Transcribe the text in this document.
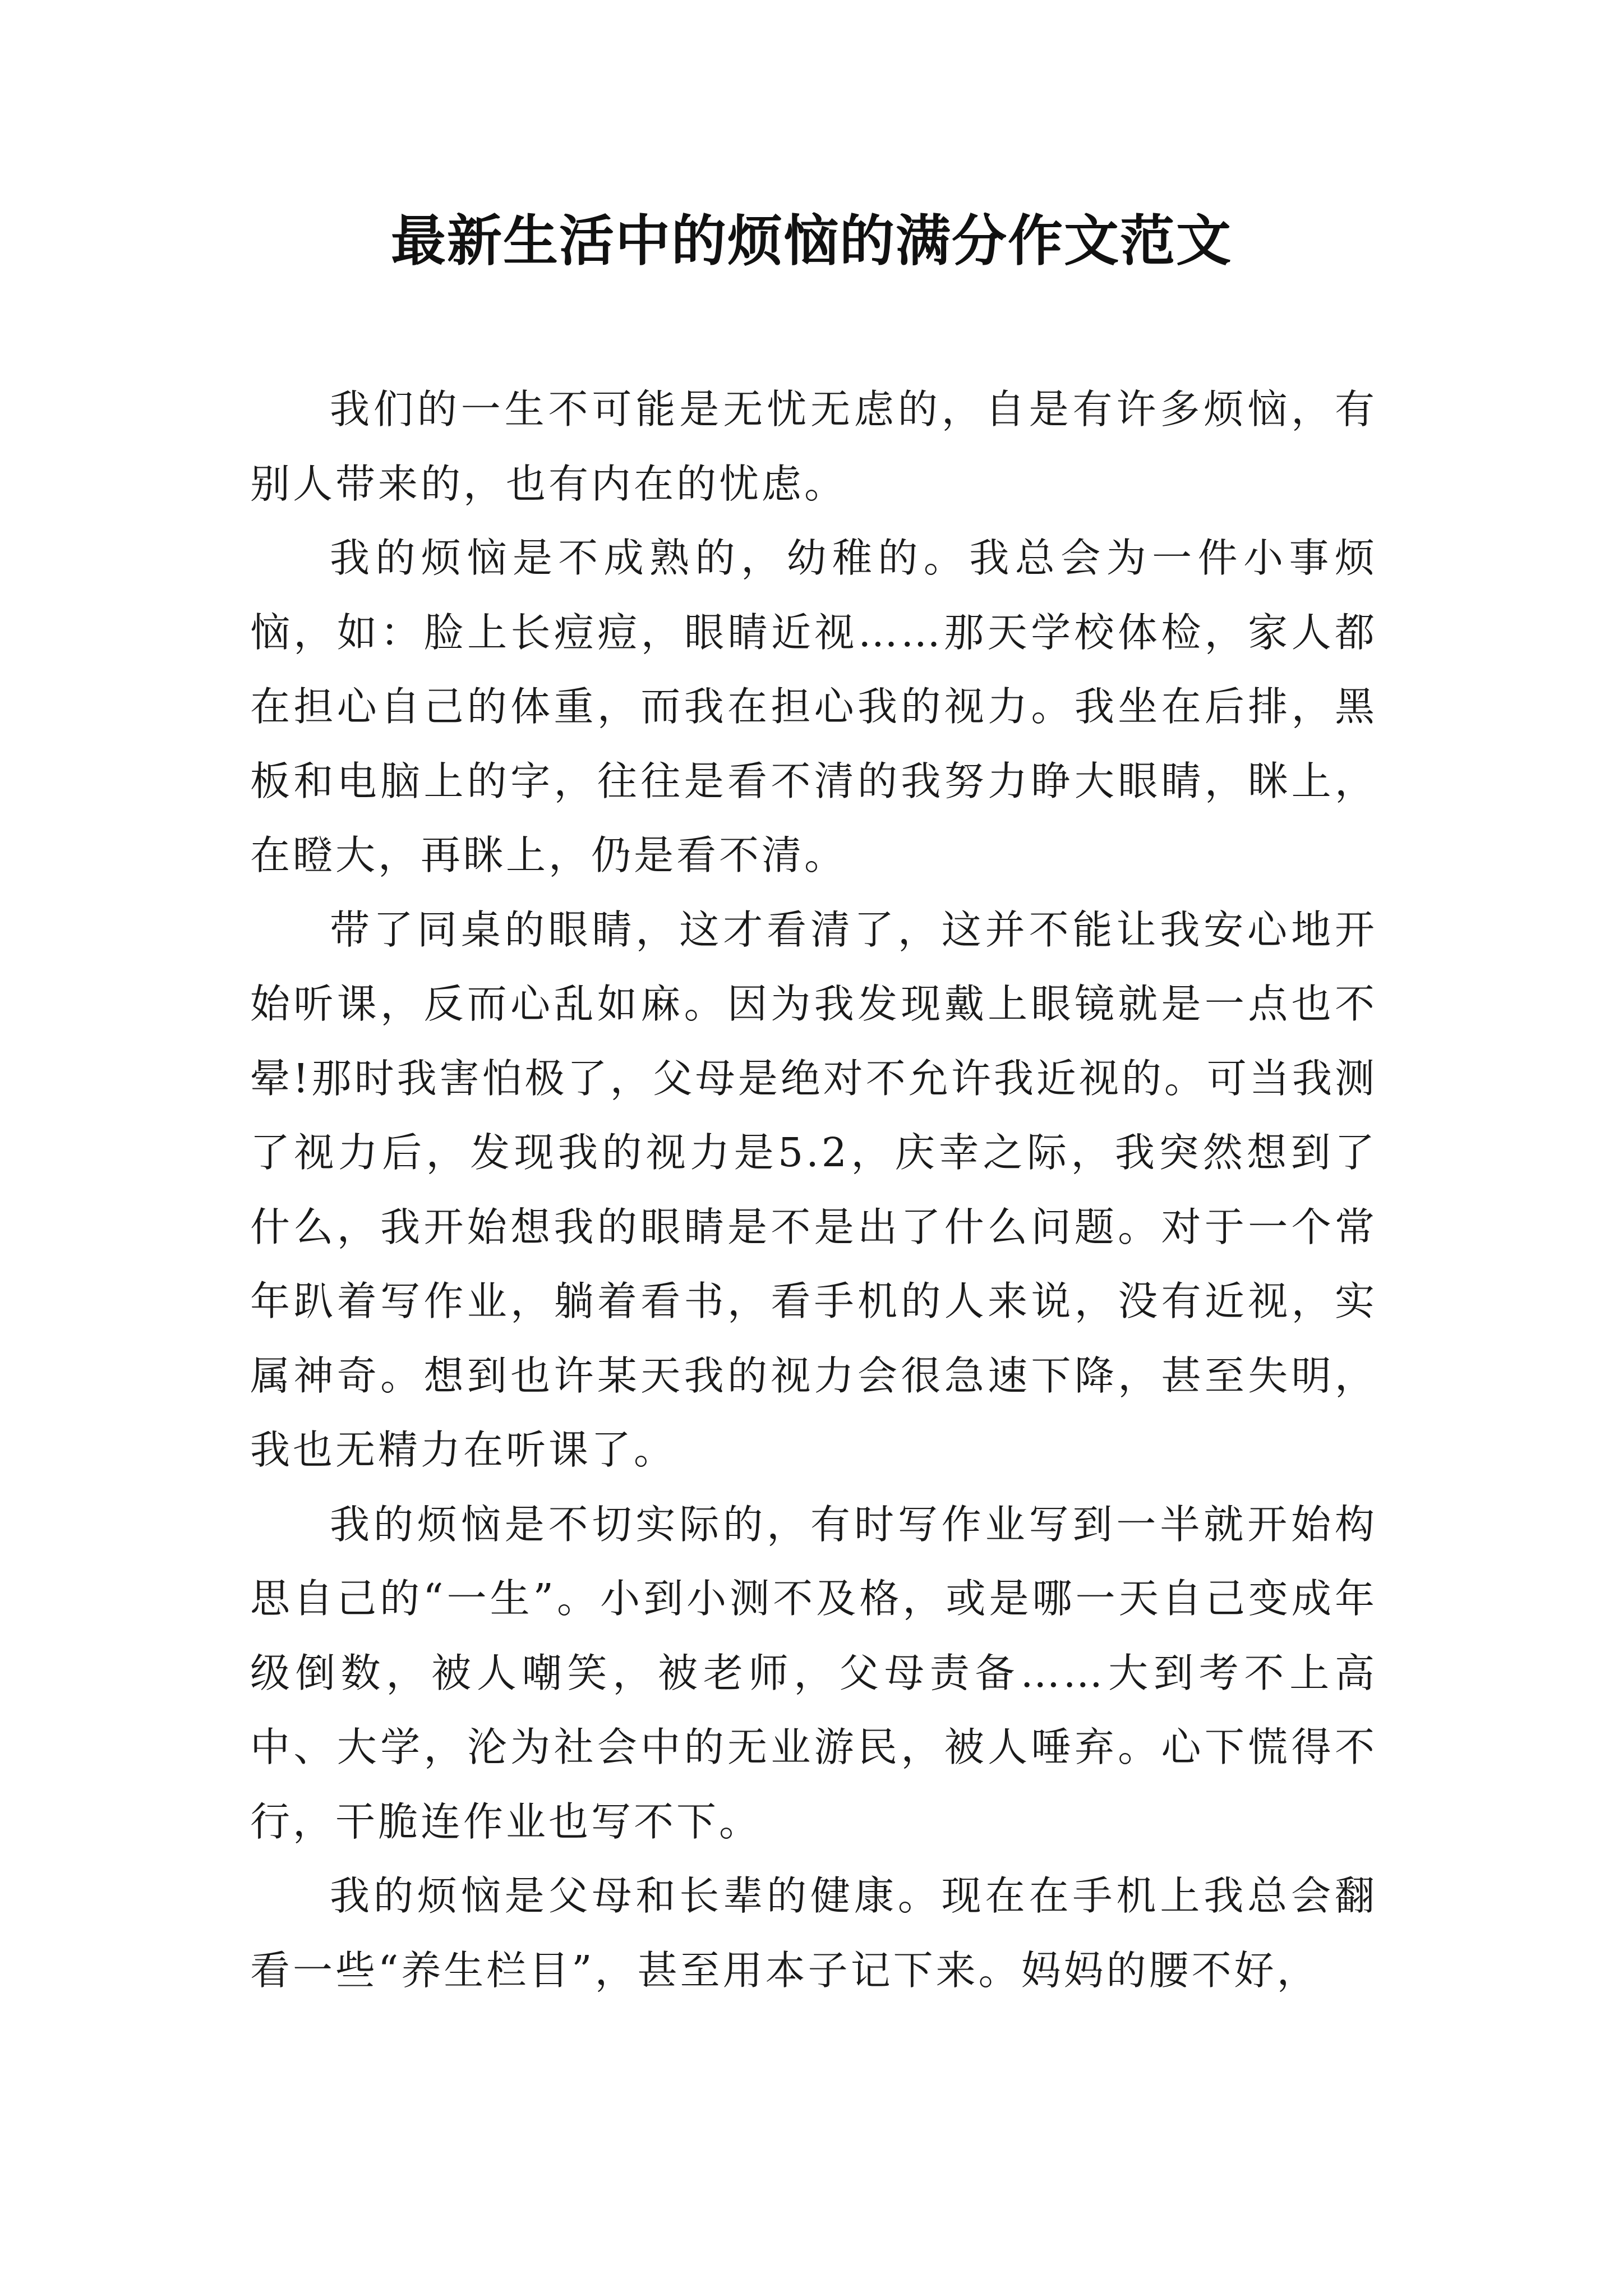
最新生活中的烦恼的满分作文范文

我们的一生不可能是无忧无虑的，自是有许多烦恼，有别人带来的，也有内在的忧虑。

我的烦恼是不成熟的，幼稚的。我总会为一件小事烦恼，如：脸上长痘痘，眼睛近视……那天学校体检，家人都在担心自己的体重，而我在担心我的视力。我坐在后排，黑板和电脑上的字，往往是看不清的我努力睁大眼睛，眯上，在瞪大，再眯上，仍是看不清。

带了同桌的眼睛，这才看清了，这并不能让我安心地开始听课，反而心乱如麻。因为我发现戴上眼镜就是一点也不晕!那时我害怕极了，父母是绝对不允许我近视的。可当我测了视力后，发现我的视力是5.2，庆幸之际，我突然想到了什么，我开始想我的眼睛是不是出了什么问题。对于一个常年趴着写作业，躺着看书，看手机的人来说，没有近视，实属神奇。想到也许某天我的视力会很急速下降，甚至失明，我也无精力在听课了。

我的烦恼是不切实际的，有时写作业写到一半就开始构思自己的“一生”。小到小测不及格，或是哪一天自己变成年级倒数，被人嘲笑，被老师，父母责备……大到考不上高中、大学，沦为社会中的无业游民，被人唾弃。心下慌得不行，干脆连作业也写不下。

我的烦恼是父母和长辈的健康。现在在手机上我总会翻看一些“养生栏目”，甚至用本子记下来。妈妈的腰不好，
